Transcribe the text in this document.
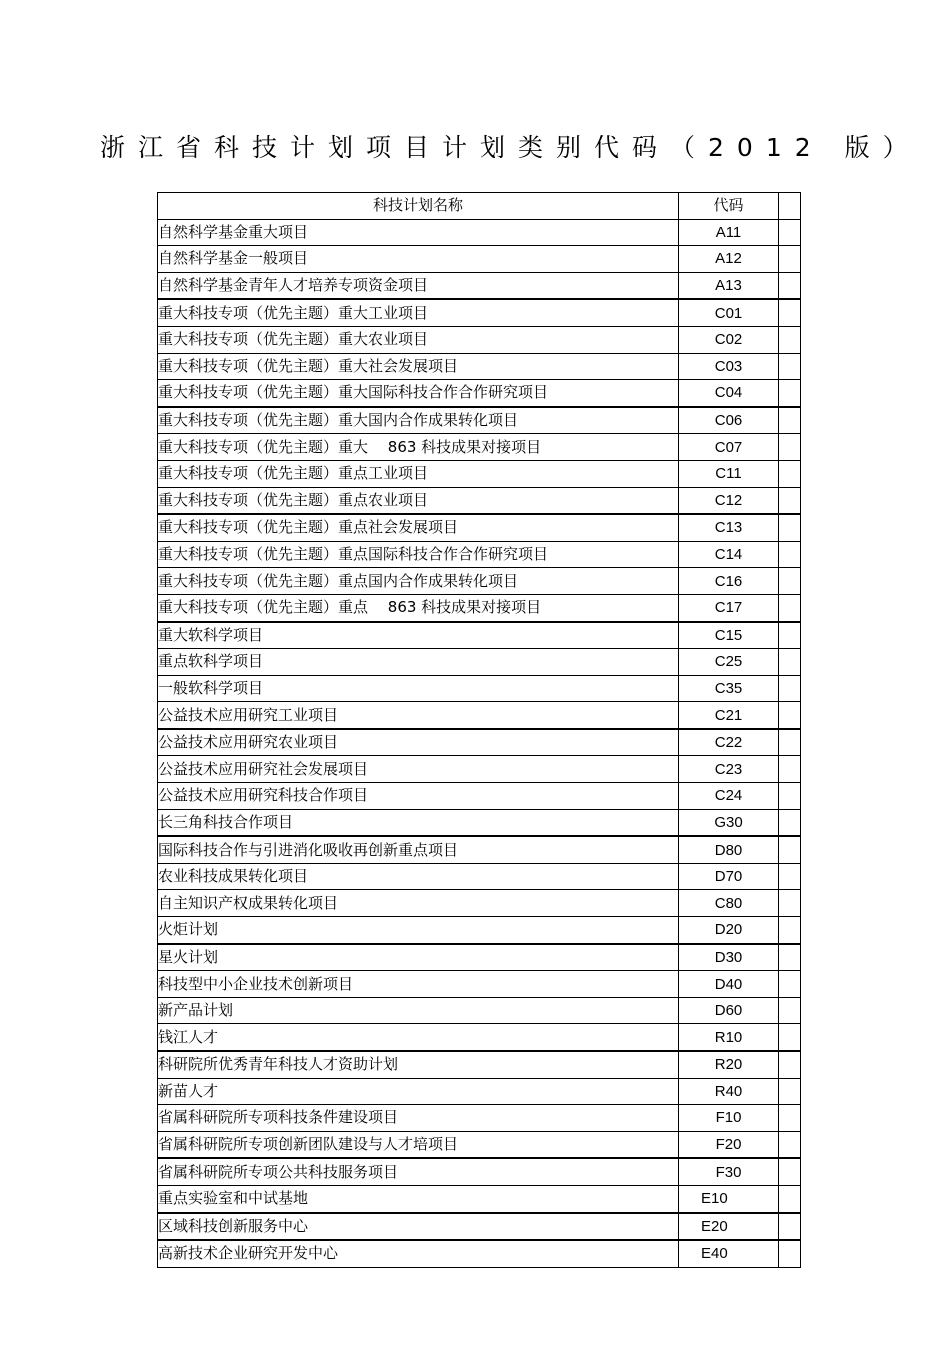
浙江省科技计划项目计划类别代码（2012 版）
科技计划名称	代码	
自然科学基金重大项目	A11	
自然科学基金一般项目	A12	
自然科学基金青年人才培养专项资金项目	A13	
重大科技专项（优先主题）重大工业项目	C01	
重大科技专项（优先主题）重大农业项目	C02	
重大科技专项（优先主题）重大社会发展项目	C03	
重大科技专项（优先主题）重大国际科技合作合作研究项目	C04	
重大科技专项（优先主题）重大国内合作成果转化项目	C06	
重大科技专项（优先主题）重大　 863 科技成果对接项目	C07	
重大科技专项（优先主题）重点工业项目	C11	
重大科技专项（优先主题）重点农业项目	C12	
重大科技专项（优先主题）重点社会发展项目	C13	
重大科技专项（优先主题）重点国际科技合作合作研究项目	C14	
重大科技专项（优先主题）重点国内合作成果转化项目	C16	
重大科技专项（优先主题）重点　 863 科技成果对接项目	C17	
重大软科学项目	C15	
重点软科学项目	C25	
一般软科学项目	C35	
公益技术应用研究工业项目	C21	
公益技术应用研究农业项目	C22	
公益技术应用研究社会发展项目	C23	
公益技术应用研究科技合作项目	C24	
长三角科技合作项目	G30	
国际科技合作与引进消化吸收再创新重点项目	D80	
农业科技成果转化项目	D70	
自主知识产权成果转化项目	C80	
火炬计划	D20	
星火计划	D30	
科技型中小企业技术创新项目	D40	
新产品计划	D60	
钱江人才	R10	
科研院所优秀青年科技人才资助计划	R20	
新苗人才	R40	
省属科研院所专项科技条件建设项目	F10	
省属科研院所专项创新团队建设与人才培项目	F20	
省属科研院所专项公共科技服务项目	F30	
重点实验室和中试基地	E10	
区域科技创新服务中心	E20	
高新技术企业研究开发中心	E40	
